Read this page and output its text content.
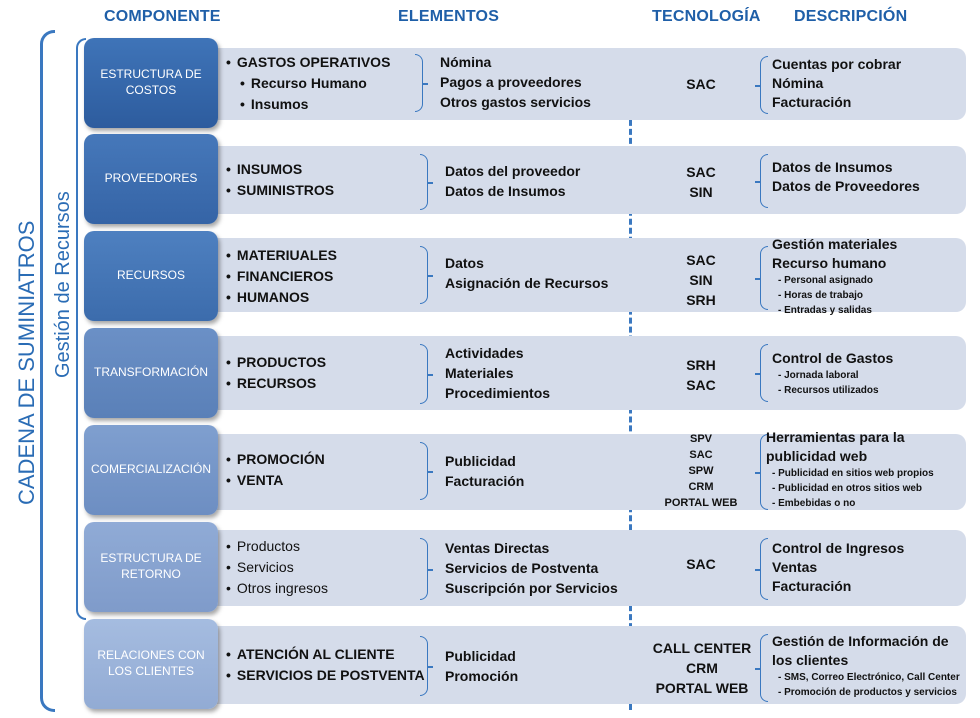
COMPONENTE	ELEMENTOS	TECNOLOGÍA DESCRIPCIÓN
CADENA DE SUMINIATROS Gestión de Recursos
ESTRUCTURA DE COSTOS
• GASTOS OPERATIVOS
• Recurso Humano
• Insumos
Nómina
Pagos a proveedores
Otros gastos servicios
SAC
Cuentas por cobrar
Nómina
Facturación
PROVEEDORES
• INSUMOS
• SUMINISTROS
Datos del proveedor
Datos de Insumos
SAC
SIN
Datos de Insumos
Datos de Proveedores
RECURSOS
• MATERIUALES
• FINANCIEROS
• HUMANOS
Datos
Asignación de Recursos
SAC
SIN
SRH
Gestión materiales
Recurso humano
- Personal asignado
- Horas de trabajo
- Entradas y salidas
TRANSFORMACIÓN
• PRODUCTOS
• RECURSOS
Actividades
Materiales
Procedimientos
SRH
SAC
Control de Gastos
- Jornada laboral
- Recursos utilizados
COMERCIALIZACIÓN
• PROMOCIÓN
• VENTA
Publicidad
Facturación
SPV
SAC
SPW
CRM
PORTAL WEB
Herramientas para la publicidad web
- Publicidad en sitios web propios
- Publicidad en otros sitios web
- Embebidas o no
ESTRUCTURA DE RETORNO
• Productos
• Servicios
• Otros ingresos
Ventas Directas
Servicios de Postventa
Suscripción por Servicios
SAC
Control de Ingresos
Ventas
Facturación
RELACIONES CON LOS CLIENTES
• ATENCIÓN AL CLIENTE
• SERVICIOS DE POSTVENTA
Publicidad
Promoción
CALL CENTER
CRM
PORTAL WEB
Gestión de Información de los clientes
- SMS, Correo Electrónico, Call Center
- Promoción de productos y servicios
